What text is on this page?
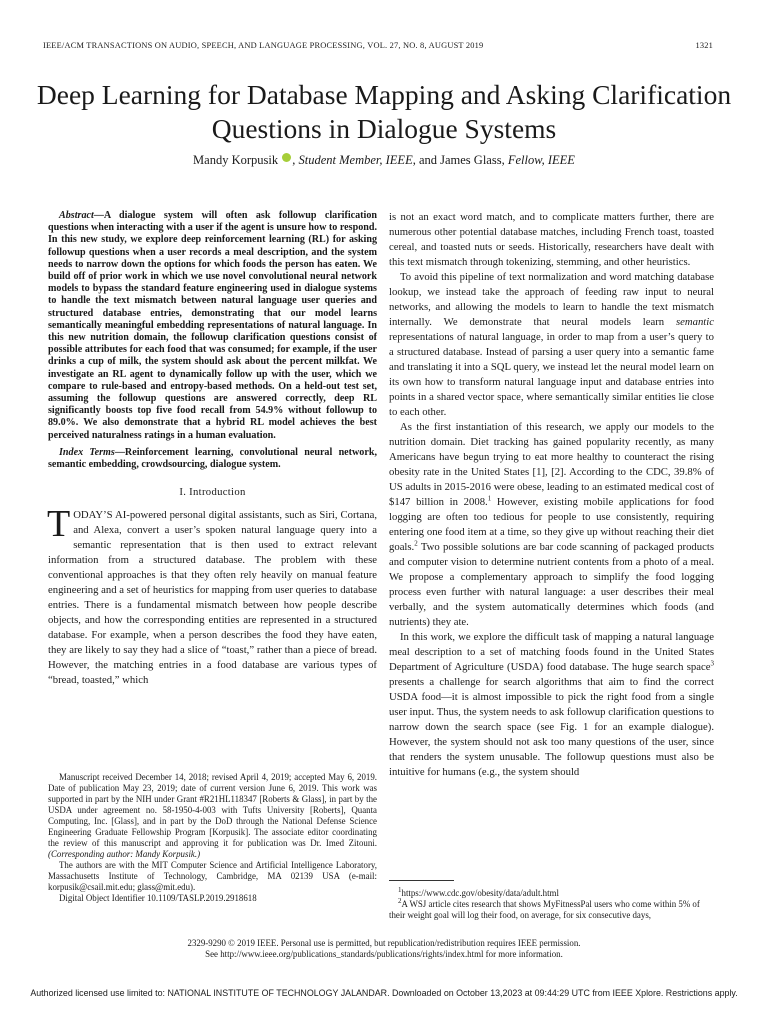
IEEE/ACM TRANSACTIONS ON AUDIO, SPEECH, AND LANGUAGE PROCESSING, VOL. 27, NO. 8, AUGUST 2019	1321
Deep Learning for Database Mapping and Asking Clarification Questions in Dialogue Systems
Mandy Korpusik , Student Member, IEEE, and James Glass, Fellow, IEEE
Abstract—A dialogue system will often ask followup clarification questions when interacting with a user if the agent is unsure how to respond. In this new study, we explore deep reinforcement learning (RL) for asking followup questions when a user records a meal description, and the system needs to narrow down the options for which foods the person has eaten. We build off of prior work in which we use novel convolutional neural network models to bypass the standard feature engineering used in dialogue systems to handle the text mismatch between natural language user queries and structured database entries, demonstrating that our model learns semantically meaningful embedding representations of natural language. In this new nutrition domain, the followup clarification questions consist of possible attributes for each food that was consumed; for example, if the user drinks a cup of milk, the system should ask about the percent milkfat. We investigate an RL agent to dynamically follow up with the user, which we compare to rule-based and entropy-based methods. On a held-out test set, assuming the followup questions are answered correctly, deep RL significantly boosts top five food recall from 54.9% without followup to 89.0%. We also demonstrate that a hybrid RL model achieves the best perceived naturalness ratings in a human evaluation.
Index Terms—Reinforcement learning, convolutional neural network, semantic embedding, crowdsourcing, dialogue system.
I. Introduction

TODAY’S AI-powered personal digital assistants, such as Siri, Cortana, and Alexa, convert a user’s spoken natural language query into a semantic representation that is then used to extract relevant information from a structured database. The problem with these conventional approaches is that they often rely heavily on manual feature engineering and a set of heuristics for mapping from user queries to database entries. There is a fundamental mismatch between how people describe objects, and how the corresponding entities are represented in a structured database. For example, when a person describes the food they have eaten, they are likely to say they had a slice of “toast,” rather than a piece of bread. However, the matching entries in a food database are various types of “bread, toasted,” which

Manuscript received December 14, 2018; revised April 4, 2019; accepted May 6, 2019. Date of publication May 23, 2019; date of current version June 6, 2019. This work was supported in part by the NIH under Grant #R21HL118347 [Roberts & Glass], in part by the USDA under agreement no. 58-1950-4-003 with Tufts University [Roberts], Quanta Computing, Inc. [Glass], and in part by the DoD through the National Defense Science Engineering Graduate Fellowship Program [Korpusik]. The associate editor coordinating the review of this manuscript and approving it for publication was Dr. Imed Zitouni. (Corresponding author: Mandy Korpusik.)

The authors are with the MIT Computer Science and Artificial Intelligence Laboratory, Massachusetts Institute of Technology, Cambridge, MA 02139 USA (e-mail: korpusik@csail.mit.edu; glass@mit.edu).

Digital Object Identifier 10.1109/TASLP.2019.2918618

is not an exact word match, and to complicate matters further, there are numerous other potential database matches, including French toast, toasted cereal, and toasted nuts or seeds. Historically, researchers have dealt with this text mismatch through tokenizing, stemming, and other heuristics.

To avoid this pipeline of text normalization and word matching database lookup, we instead take the approach of feeding raw input to neural networks, and allowing the models to learn to handle the text mismatch internally. We demonstrate that neural models learn semantic representations of natural language, in order to map from a user’s query to a structured database. Instead of parsing a user query into a semantic fame and translating it into a SQL query, we instead let the neural model learn on its own how to transform natural language input and database entries into points in a shared vector space, where semantically similar entities lie close to each other.

As the first instantiation of this research, we apply our models to the nutrition domain. Diet tracking has gained popularity recently, as many Americans have begun trying to eat more healthy to counteract the rising obesity rate in the United States [1], [2]. According to the CDC, 39.8% of US adults in 2015-2016 were obese, leading to an estimated medical cost of $147 billion in 2008.$^1$ However, existing mobile applications for food logging are often too tedious for people to use consistently, requiring entering one food item at a time, so they give up without reaching their diet goals.$^2$ Two possible solutions are bar code scanning of packaged products and computer vision to determine nutrient contents from a photo of a meal. We propose a complementary approach to simplify the food logging process even further with natural language: a user describes their meal verbally, and the system automatically determines which foods (and nutrients) they ate.

In this work, we explore the difficult task of mapping a natural language meal description to a set of matching foods found in the United States Department of Agriculture (USDA) food database. The huge search space$^3$ presents a challenge for search algorithms that aim to find the correct USDA food—it is almost impossible to pick the right food from a single user input. Thus, the system needs to ask followup clarification questions to narrow down the search space (see Fig. 1 for an example dialogue). However, the system should not ask too many questions of the user, since that renders the system unusable. The followup questions must also be intuitive for humans (e.g., the system should

$^1$https://www.cdc.gov/obesity/data/adult.html

$^2$A WSJ article cites research that shows MyFitnessPal users who come within 5% of their weight goal will log their food, on average, for six consecutive days,

2329-9290 © 2019 IEEE. Personal use is permitted, but republication/redistribution requires IEEE permission.
See http://www.ieee.org/publications_standards/publications/rights/index.html for more information.
Authorized licensed use limited to: NATIONAL INSTITUTE OF TECHNOLOGY JALANDAR. Downloaded on October 13,2023 at 09:44:29 UTC from IEEE Xplore. Restrictions apply.
